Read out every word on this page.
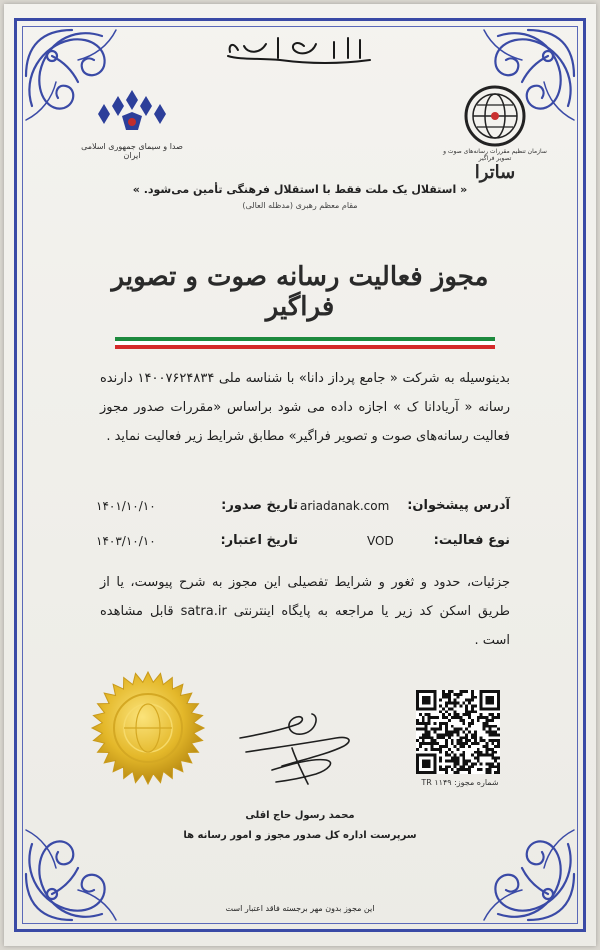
صدا و سیمای جمهوری اسلامی ایران	سازمان تنظیم مقررات رسانه‌های صوت و تصویر فراگیر
ساترا
« استقلال یک ملت فقط با استقلال فرهنگی تأمین می‌شود. »
مقام معظم رهبری (مدظله العالی)
مجوز فعالیت رسانه صوت و تصویر فراگیر
بدینوسیله به شرکت « جامع پرداز دانا» با شناسه ملی ۱۴۰۰۷۶۲۴۸۳۴ دارنده رسانه « آریادانا ک » اجازه داده می شود براساس «مقررات صدور مجوز فعالیت رسانه‌های صوت و تصویر فراگیر» مطابق شرایط زیر فعالیت نماید .
آدرس پیشخوان:
ariadanak.com
تاریخ صدور:
۱۴۰۱/۱۰/۱۰
نوع فعالیت:
VOD
تاریخ اعتبار:
۱۴۰۳/۱۰/۱۰
جزئیات، حدود و ثغور و شرایط تفصیلی این مجوز به شرح پیوست، یا از طریق اسکن کد زیر یا مراجعه به پایگاه اینترنتی satra.ir قابل مشاهده است .
شماره مجوز: TR ۱۱۴۹
محمد رسول حاج اقلی
سرپرست اداره کل صدور مجوز و امور رسانه ها
این مجوز بدون مهر برجسته فاقد اعتبار است
